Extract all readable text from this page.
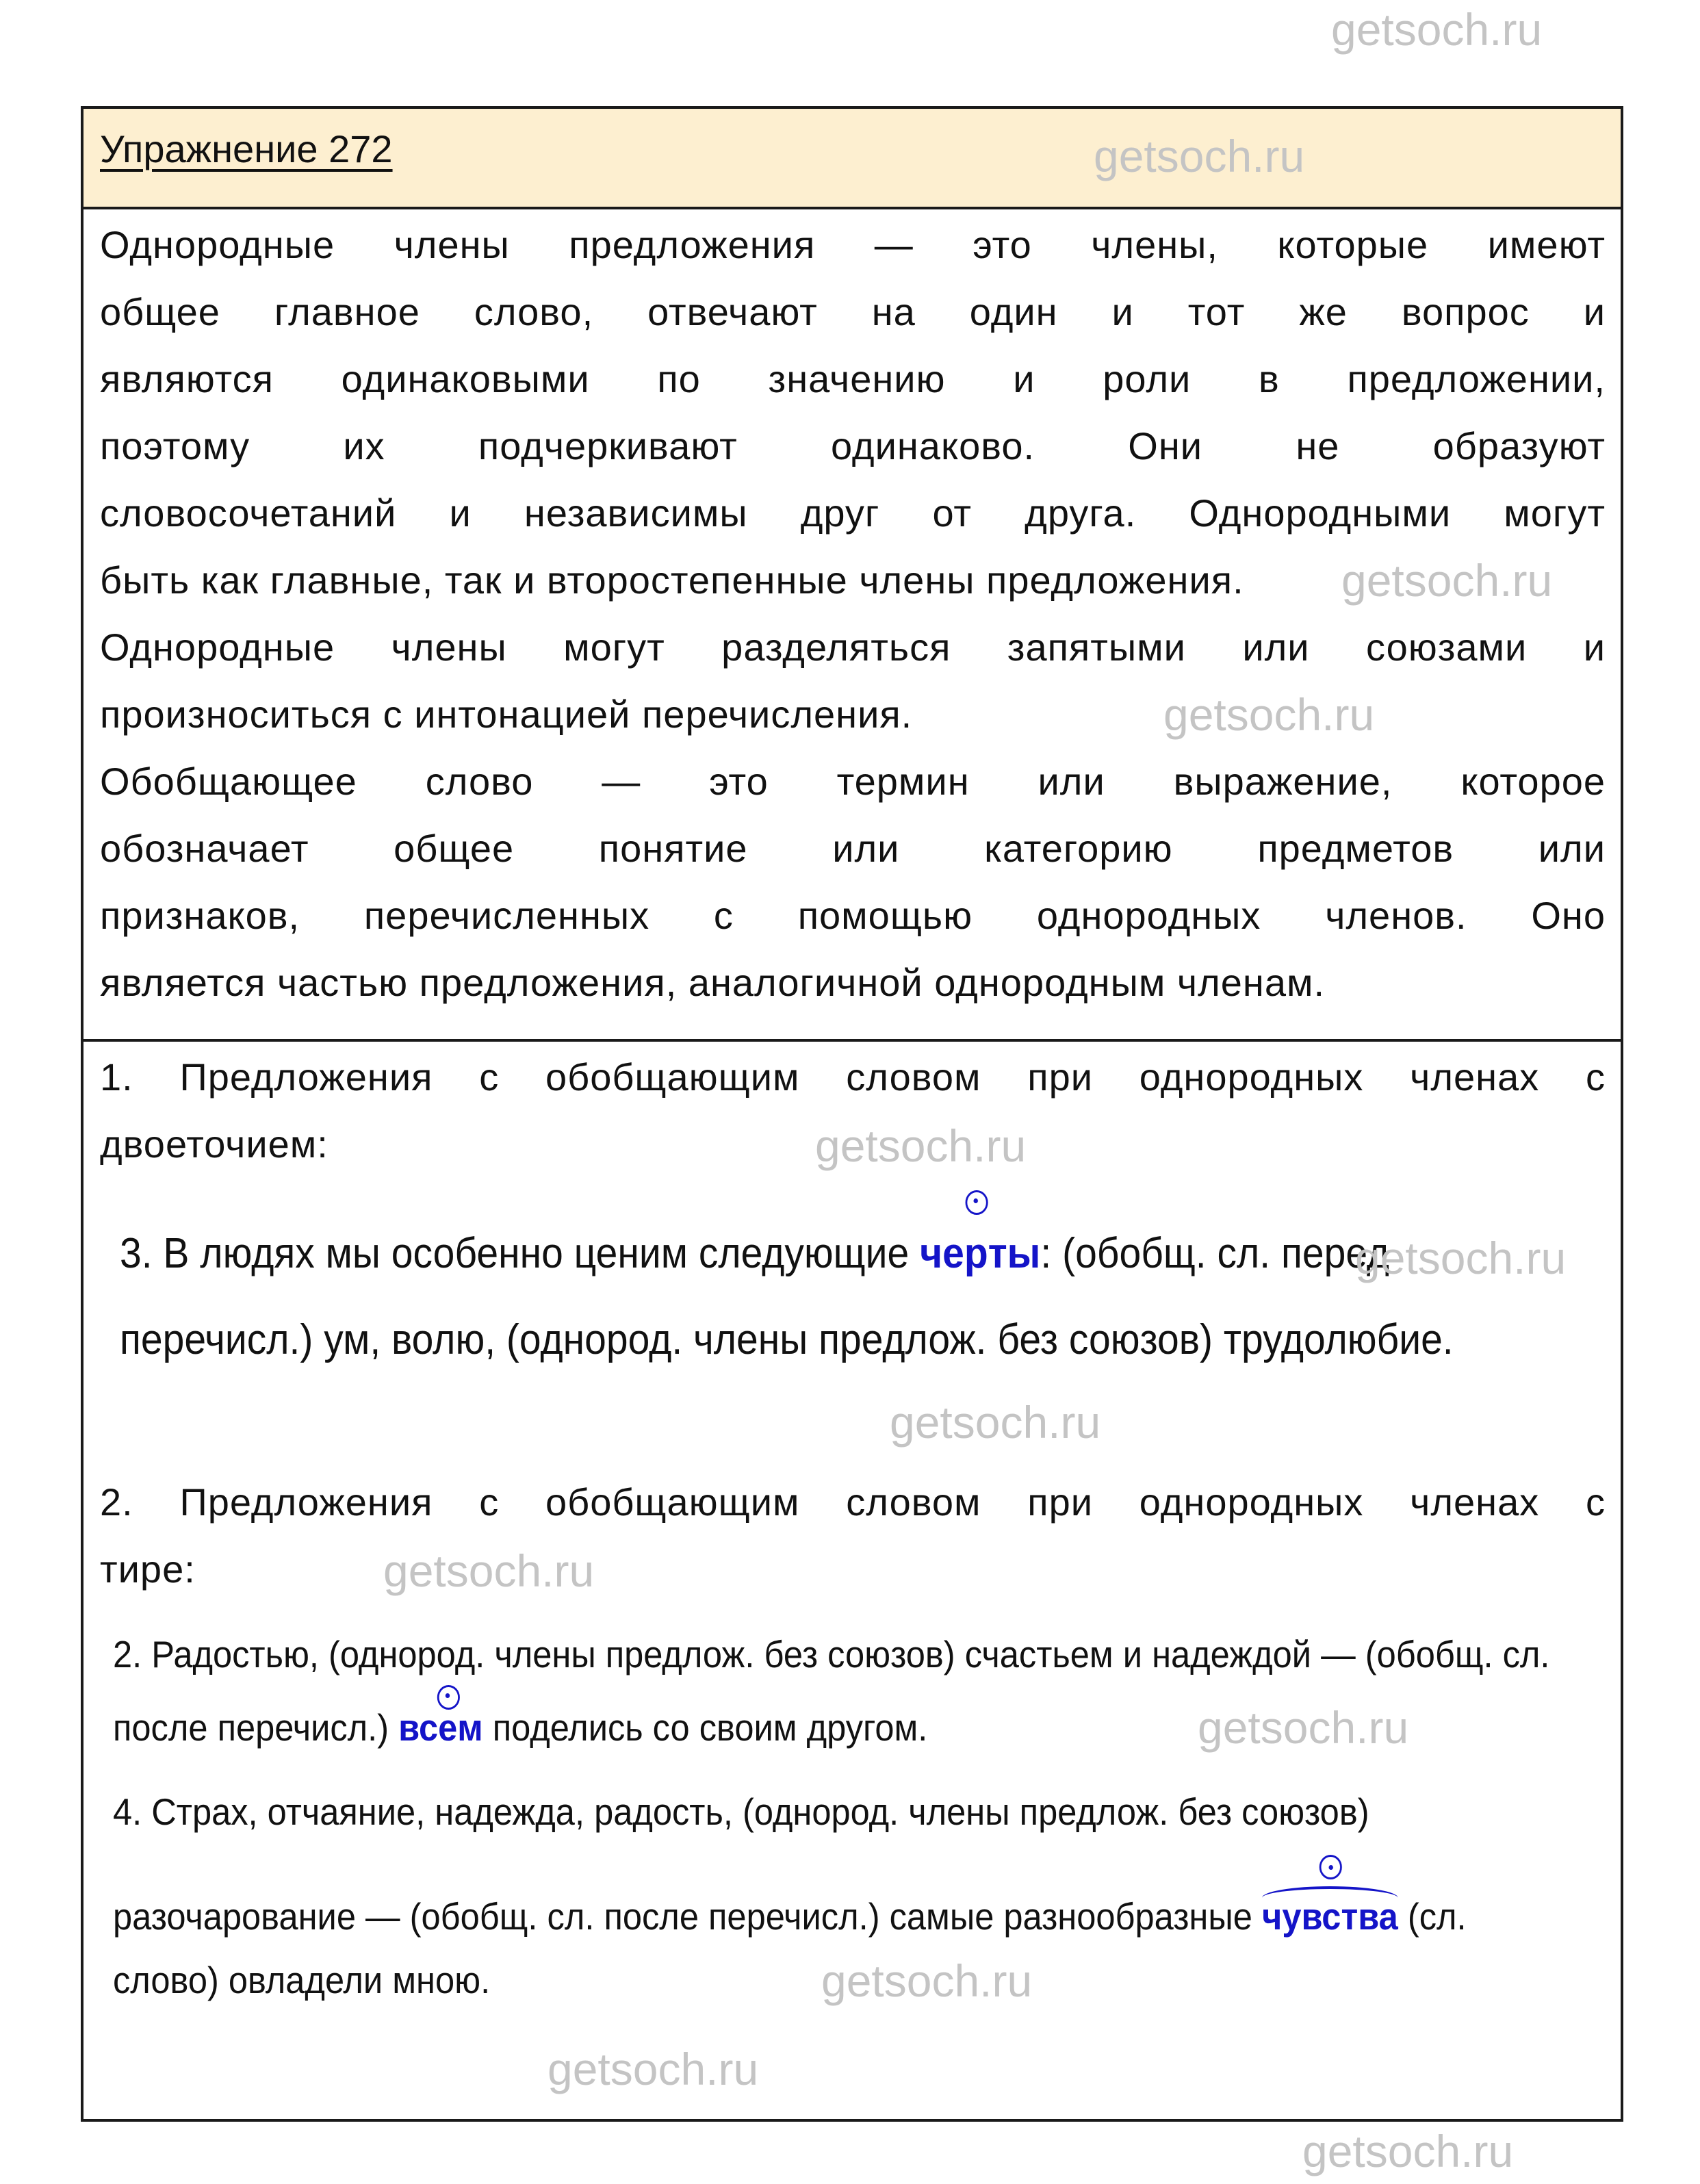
Упражнение 272
Однородные члены предложения — это члены, которые имеют
общее главное слово, отвечают на один и тот же вопрос и
являются одинаковыми по значению и роли в предложении,
поэтому их подчеркивают одинаково. Они не образуют
словосочетаний и независимы друг от друга. Однородными могут
быть как главные, так и второстепенные члены предложения.
Однородные члены могут разделяться запятыми или союзами и
произноситься с интонацией перечисления.
Обобщающее слово — это термин или выражение, которое
обозначает общее понятие или категорию предметов или
признаков, перечисленных с помощью однородных членов. Оно
является частью предложения, аналогичной однородным членам.
1. Предложения с обобщающим словом при однородных членах с
двоеточием:
3. В людях мы особенно ценим следующие черты: (обобщ. сл. перед
перечисл.) ум, волю, (однород. члены предлож. без союзов) трудолюбие.
2. Предложения с обобщающим словом при однородных членах с
тире:
2. Радостью, (однород. члены предлож. без союзов) счастьем и надеждой — (обобщ. сл.
после перечисл.) всем поделись со своим другом.
4. Страх, отчаяние, надежда, радость, (однород. члены предлож. без союзов)
разочарование — (обобщ. сл. после перечисл.) самые разнообразные
чувства (сл.
слово) овладели мною.
getsoch.ru
getsoch.ru
getsoch.ru
getsoch.ru
getsoch.ru
getsoch.ru
getsoch.ru
getsoch.ru
getsoch.ru
getsoch.ru
getsoch.ru
getsoch.ru
